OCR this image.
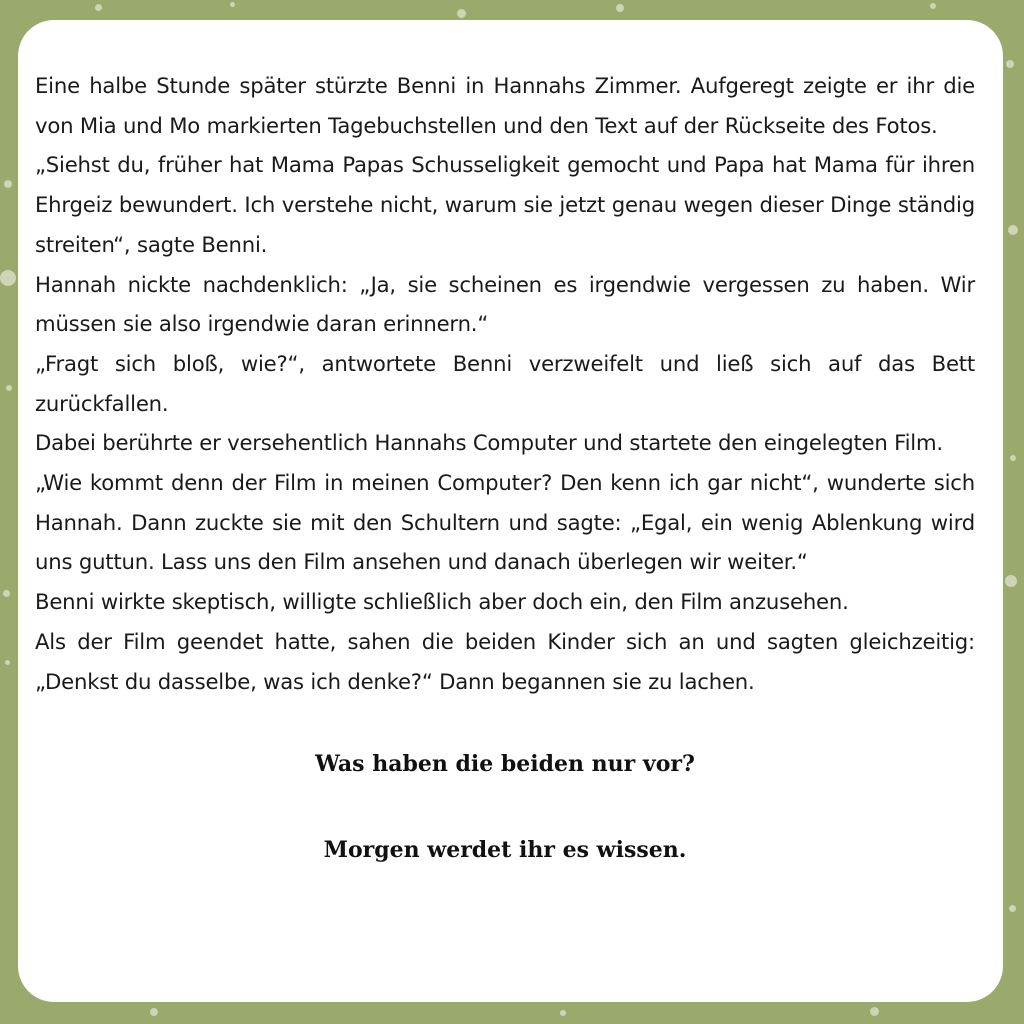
Eine halbe Stunde später stürzte Benni in Hannahs Zimmer. Aufgeregt zeigte er ihr die von Mia und Mo markierten Tagebuchstellen und den Text auf der Rückseite des Fotos.

„Siehst du, früher hat Mama Papas Schusseligkeit gemocht und Papa hat Mama für ihren Ehrgeiz bewundert. Ich verstehe nicht, warum sie jetzt genau wegen dieser Dinge ständig streiten“, sagte Benni.

Hannah nickte nachdenklich: „Ja, sie scheinen es irgendwie vergessen zu haben. Wir müssen sie also irgendwie daran erinnern.“

„Fragt sich bloß, wie?“, antwortete Benni verzweifelt und ließ sich auf das Bett zurückfallen.

Dabei berührte er versehentlich Hannahs Computer und startete den eingelegten Film.

„Wie kommt denn der Film in meinen Computer? Den kenn ich gar nicht“, wunderte sich Hannah. Dann zuckte sie mit den Schultern und sagte: „Egal, ein wenig Ablenkung wird uns guttun. Lass uns den Film ansehen und danach überlegen wir weiter.“

Benni wirkte skeptisch, willigte schließlich aber doch ein, den Film anzusehen.

Als der Film geendet hatte, sahen die beiden Kinder sich an und sagten gleichzeitig: „Denkst du dasselbe, was ich denke?“ Dann begannen sie zu lachen.

Was haben die beiden nur vor?

Morgen werdet ihr es wissen.
